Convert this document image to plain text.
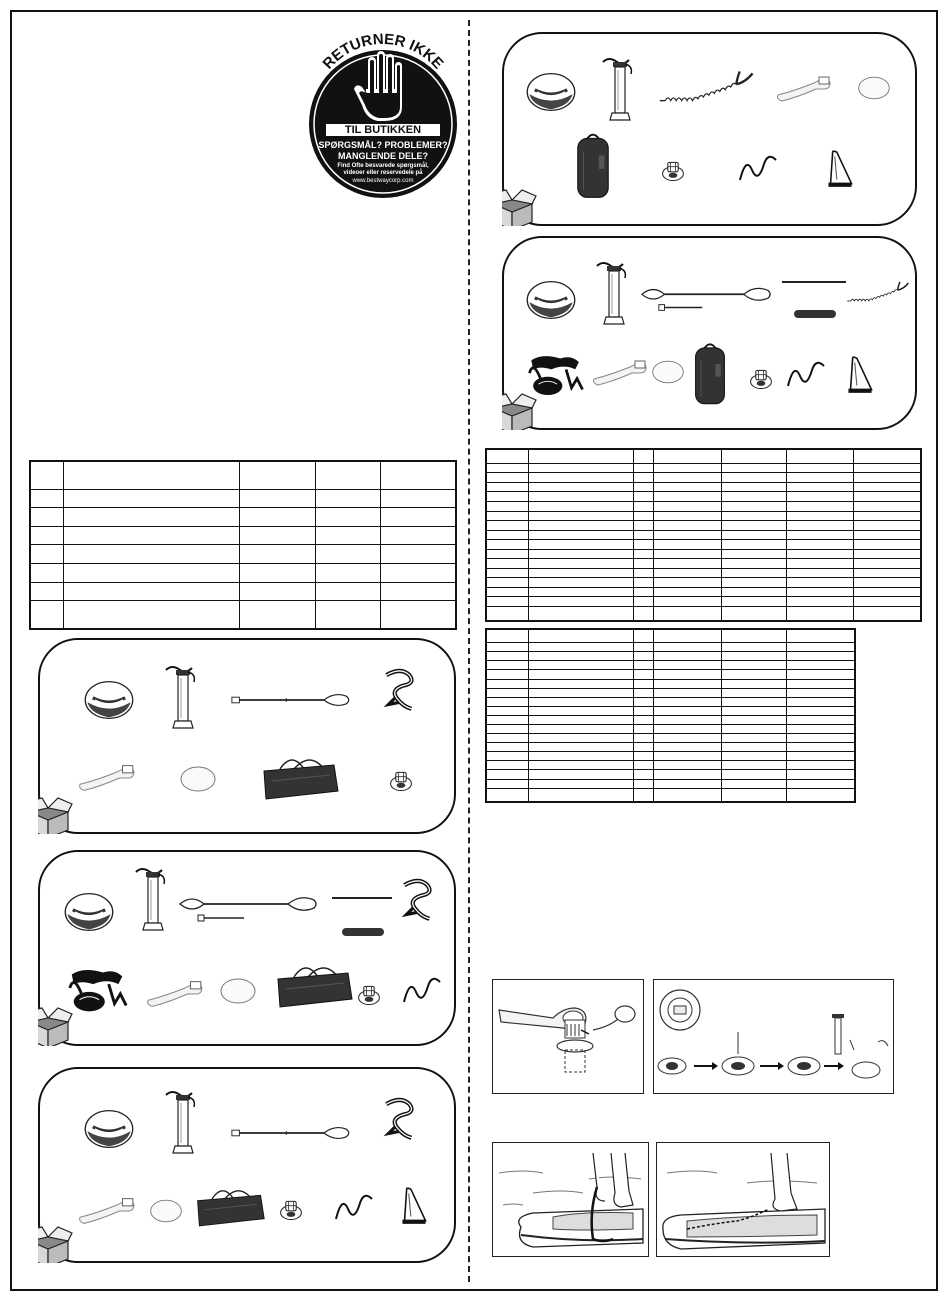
RETURNER IKKE
TIL BUTIKKEN
SPØRGSMÅL? PROBLEMER?
MANGLENDE DELE?
Find Ofte besvarede spørgsmål,
videoer eller reservedele på
www.bestwaycorp.com
